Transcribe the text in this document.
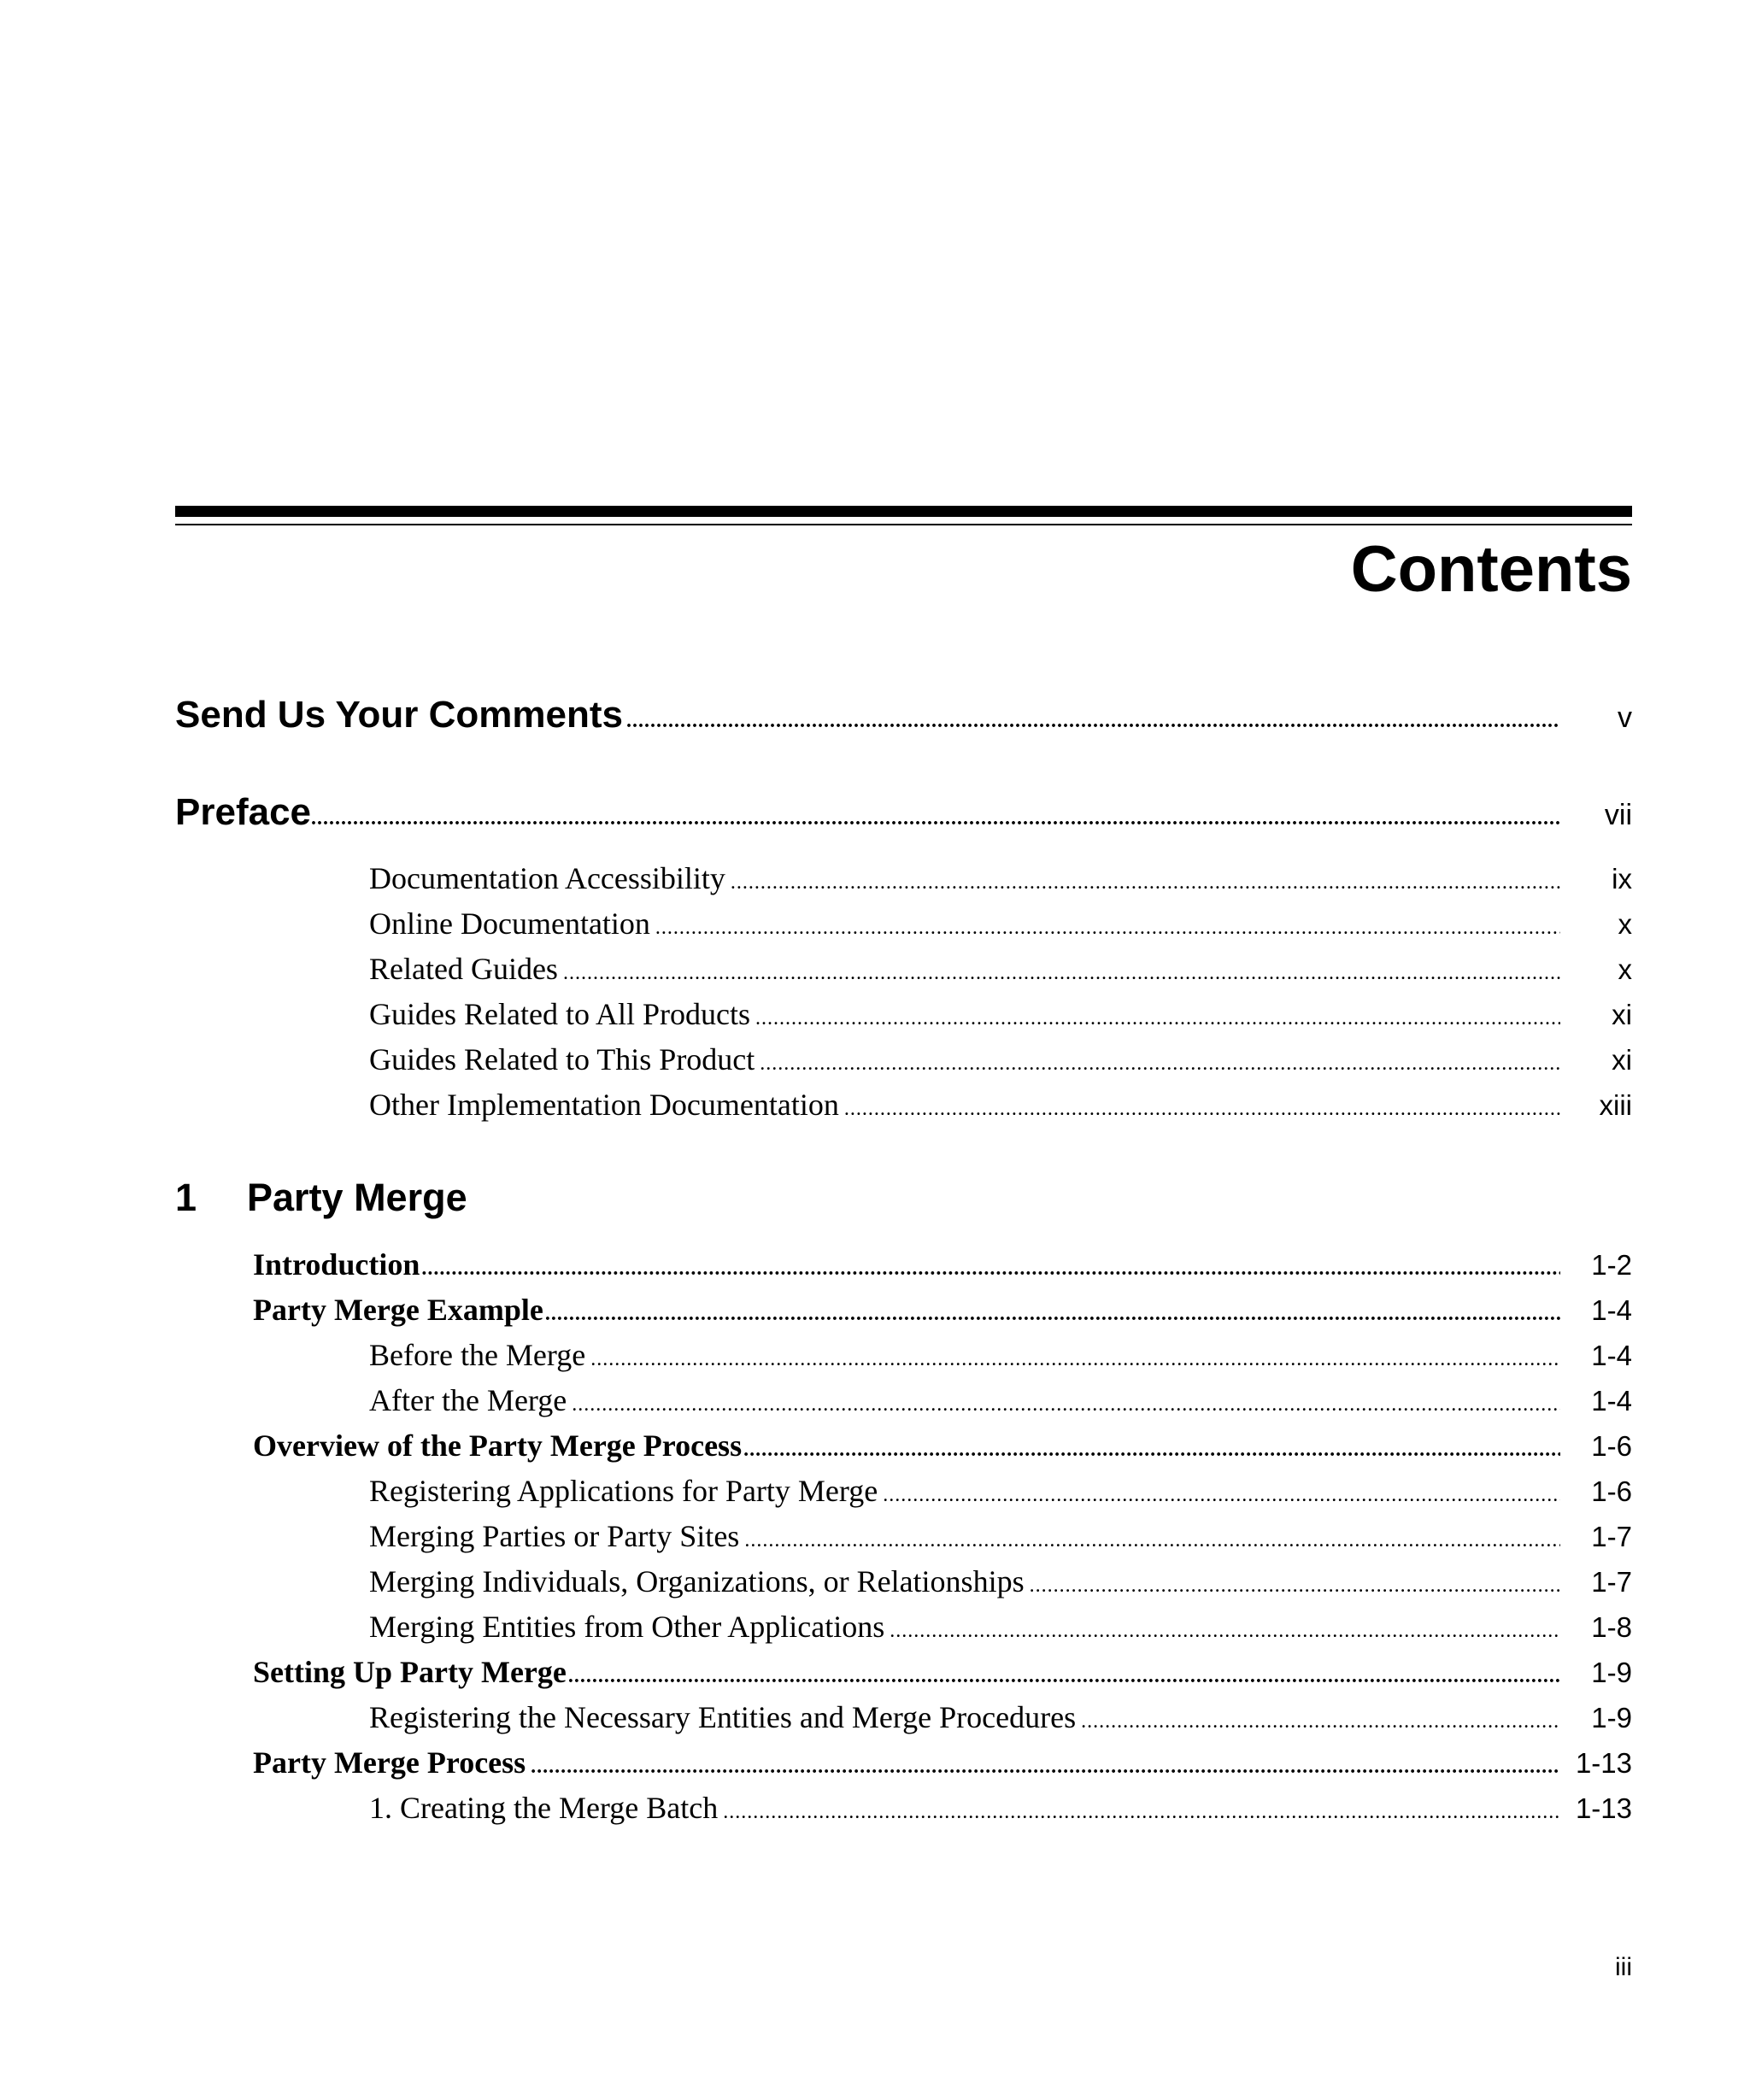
Contents
Send Us Your Comments .....	v
Preface .....	vii
Documentation Accessibility .....	ix
Online Documentation .....	x
Related Guides .....	x
Guides Related to All Products .....	xi
Guides Related to This Product .....	xi
Other Implementation Documentation .....	xiii
1	Party Merge
Introduction .....	1-2
Party Merge Example .....	1-4
Before the Merge .....	1-4
After the Merge .....	1-4
Overview of the Party Merge Process .....	1-6
Registering Applications for Party Merge .....	1-6
Merging Parties or Party Sites .....	1-7
Merging Individuals, Organizations, or Relationships .....	1-7
Merging Entities from Other Applications .....	1-8
Setting Up Party Merge .....	1-9
Registering the Necessary Entities and Merge Procedures .....	1-9
Party Merge Process .....	1-13
1. Creating the Merge Batch .....	1-13
iii
